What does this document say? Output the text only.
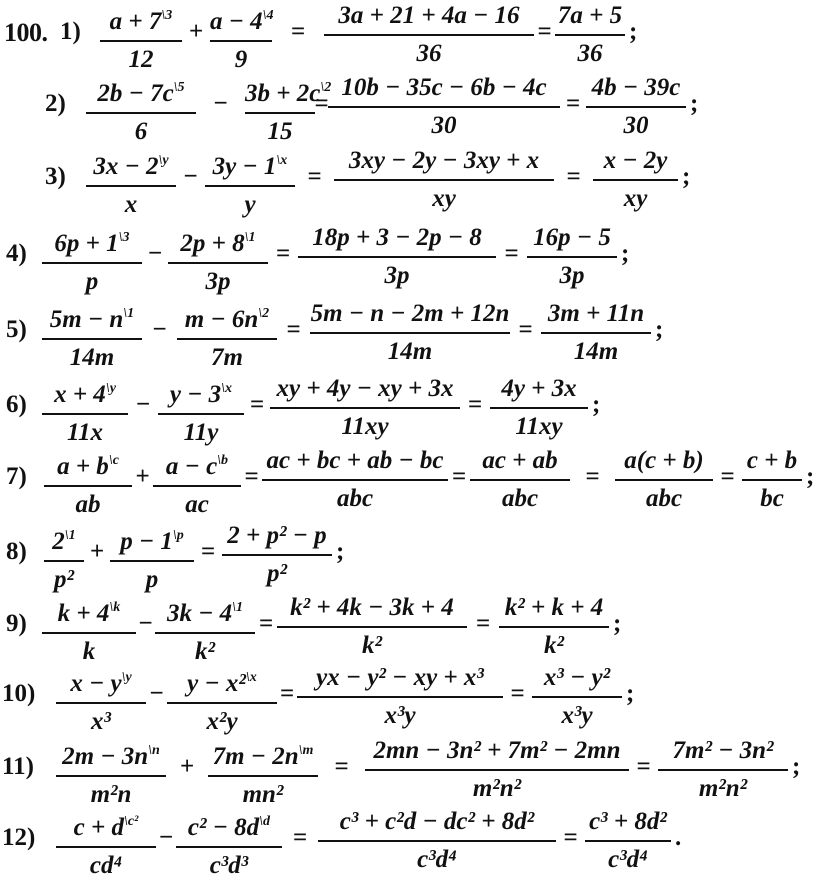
100. 1)	$a + 7^{\backslash 3}$
12
+ $a - 4^{\backslash 4}$
9
=
3a + 21 + 4a − 16
36
=
7a + 5
36
;
2)	$2b - 7c^{\backslash 5}$
6
− $3b + 2c^{\backslash 2}$
15
=
10b − 35c − 6b − 4c
30
=
4b − 39c
30
;
3) $3x - 2^{\backslash y}$
x
− $3y - 1^{\backslash x}$
y
=
3xy − 2y − 3xy + x
xy
=
x − 2y
xy
;
4)	$6p + 1^{\backslash 3}$
p
− $2p + 8^{\backslash 1}$
3p
=
18p + 3 − 2p − 8
3p
=
16p − 5
3p
;
5) $5m - n^{\backslash 1}$
14m
− $m - 6n^{\backslash 2}$
7m
=
5m − n − 2m + 12n
14m
=
3m + 11n
14m
;
6)	$x + 4^{\backslash y}$
11x
− $y - 3^{\backslash x}$
11y
=
xy + 4y − xy + 3x
11xy
=
4y + 3x
11xy
;
7)	$a + b^{\backslash c}$
ab
+ $a - c^{\backslash b}$
ac
=
ac + bc + ab − bc
abc
=
ac + ab
abc
=
a(c + b)
abc
=
c + b
bc
;
8)	$2^{\backslash 1}$
p²
+ $p - 1^{\backslash p}$
p
=
2 + p² − p
p²
;
9)	$k + 4^{\backslash k}$
k
− $3k - 4^{\backslash 1}$
k²
=
k² + 4k − 3k + 4
k²
=
k² + k + 4
k²
;
10)	$x - y^{\backslash y}$
x³
− y − x²$^{\backslash x}$
x²y
=
yx − y² − xy + x³
x³y
=
x³ − y²
x³y
;
11) $2m - 3n^{\backslash n}$
m²n
+ $7m - 2n^{\backslash m}$
mn²
=
2mn − 3n² + 7m² − 2mn
m²n²
=
7m² − 3n²
m²n²
;
12)	$c + d^{\backslash c^2}$
cd⁴
− $c^2 - 8d^{\backslash d}$
c³d³
=
c³ + c²d − dc² + 8d²
c³d⁴
=
c³ + 8d²
c³d⁴
.
